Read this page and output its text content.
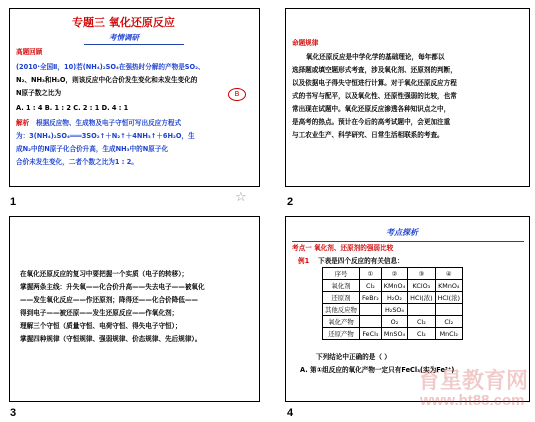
专题三 氧化还原反应
考情调研
高题回顾
(2010·全国Ⅱ，10)若(NH₄)₂SO₄在强热时分解的产物是SO₂、
N₂、NH₃和H₂O，则该反应中化合价发生变化和未发生变化的
N原子数之比为	B
A. 1 : 4 B. 1 : 2 C. 2 : 1 D. 4 : 1
解析 根据反应物、生成物及电子守恒可写出反应方程式
为：3(NH₄)₂SO₄═══3SO₂↑＋N₂↑＋4NH₃↑＋6H₂O，生
成N₂中的N原子化合价升高，生成NH₃中的N原子化
合价未发生变化，二者个数之比为1 : 2。
1	☆
命题规律
氧化还原反应是中学化学的基础理论，每年都以
选择题或填空题形式考查，涉及氧化剂、还原剂的判断，
以及依据电子得失守恒进行计算。对于氧化还原反应方程
式的书写与配平，以及氧化性、还原性强弱的比较，也常
常出现在试题中。氧化还原反应渗透各种知识点之中，
是高考的热点。预计在今后的高考试题中，会更加注重
与工农业生产、科学研究、日常生活相联系的考查。
2
在氧化还原反应的复习中要把握一个实质（电子的转移）；
掌握两条主线：升失氧——化合价升高——失去电子——被氧化
——发生氧化反应——作还原剂；降得还——化合价降低——
得到电子——被还原——发生还原反应——作氧化剂；
理解三个守恒（质量守恒、电荷守恒、得失电子守恒）；
掌握四种规律（守恒规律、强弱规律、价态规律、先后规律）。
3
考点探析
考点一 氧化剂、还原剂的强弱比较
例1 下表是四个反应的有关信息：
序号	①	②	③	④
氧化剂	Cl₂	KMnO₄	KClO₃	KMnO₄
还原剂	FeBr₂	H₂O₂	HCl(浓)	HCl(浓)
其他反应物		H₂SO₄		
氧化产物		O₂	Cl₂	Cl₂
还原产物	FeCl₃	MnSO₄	Cl₂	MnCl₂
下列结论中正确的是（ ）
A. 第①组反应的氧化产物一定只有FeCl₃(实为Fe³⁺)
4
育星教育网
www.ht88.com
